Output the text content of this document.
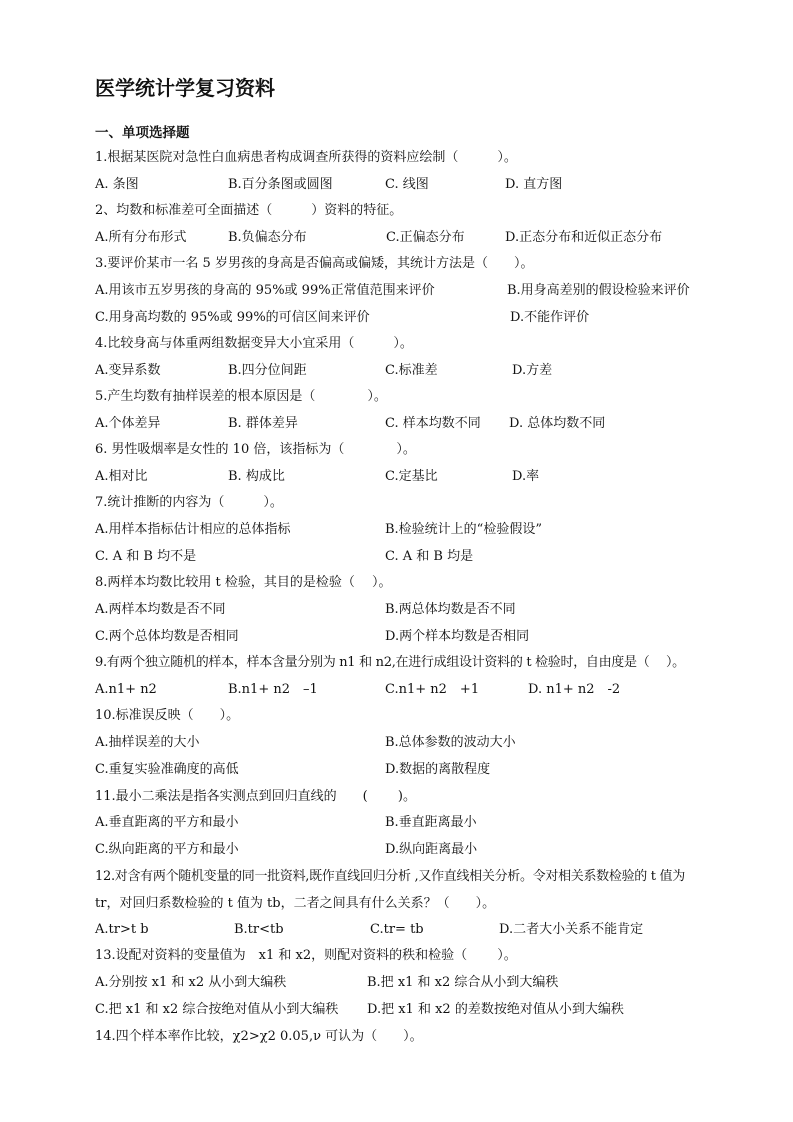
医学统计学复习资料
一、单项选择题
1.根据某医院对急性白血病患者构成调查所获得的资料应绘制（　　　）。
A. 条图	B.百分条图或圆图	C. 线图	D. 直方图
2、均数和标准差可全面描述（　　　）资料的特征。
A.所有分布形式	B.负偏态分布	C.正偏态分布	D.正态分布和近似正态分布
3.要评价某市一名 5 岁男孩的身高是否偏高或偏矮，其统计方法是（　　）。
A.用该市五岁男孩的身高的 95%或 99%正常值范围来评价	B.用身高差别的假设检验来评价
C.用身高均数的 95%或 99%的可信区间来评价	D.不能作评价
4.比较身高与体重两组数据变异大小宜采用（　　　）。
A.变异系数	B.四分位间距	C.标准差	D.方差
5.产生均数有抽样误差的根本原因是（　　　　）。
A.个体差异	B. 群体差异	C. 样本均数不同 D. 总体均数不同
6. 男性吸烟率是女性的 10 倍，该指标为（　　　　）。
A.相对比	B. 构成比	C.定基比	D.率
7.统计推断的内容为（　　　）。
A.用样本指标估计相应的总体指标	B.检验统计上的“检验假设”
C. A 和 B 均不是	C. A 和 B 均是
8.两样本均数比较用 t 检验，其目的是检验（　 ）。
A.两样本均数是否不同	B.两总体均数是否不同
C.两个总体均数是否相同	D.两个样本均数是否相同
9.有两个独立随机的样本，样本含量分别为 n1 和 n2,在进行成组设计资料的 t 检验时，自由度是（　 ）。
A.n1+ n2	B.n1+ n2　–1	C.n1+ n2　+1	D. n1+ n2　-2
10.标准误反映（　　）。
A.抽样误差的大小	B.总体参数的波动大小
C.重复实验准确度的高低	D.数据的离散程度
11.最小二乘法是指各实测点到回归直线的　　(　　 )。
A.垂直距离的平方和最小	B.垂直距离最小
C.纵向距离的平方和最小	D.纵向距离最小
12.对含有两个随机变量的同一批资料,既作直线回归分析 ,又作直线相关分析。令对相关系数检验的 t 值为
tr，对回归系数检验的 t 值为 tb，二者之间具有什么关系？（　　）。
A.tr>t b	B.tr<tb	C.tr= tb	D.二者大小关系不能肯定
13.设配对资料的变量值为　x1 和 x2，则配对资料的秩和检验（　　 ）。
A.分别按 x1 和 x2 从小到大编秩	B.把 x1 和 x2 综合从小到大编秩
C.把 x1 和 x2 综合按绝对值从小到大编秩 D.把 x1 和 x2 的差数按绝对值从小到大编秩
14.四个样本率作比较，χ2>χ2 0.05,ν 可认为（　　）。
